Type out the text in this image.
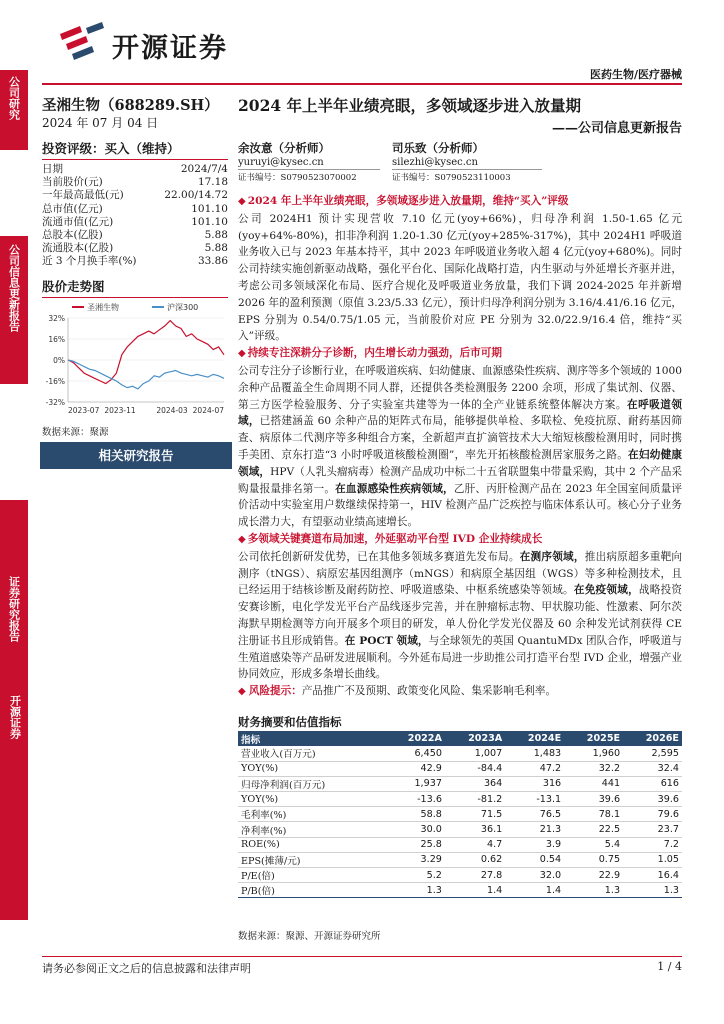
开源证券
医药生物/医疗器械
公司研究
公司信息更新报告
开源证券
证券研究报告
圣湘生物（688289.SH）
2024 年 07 月 04 日
投资评级：买入（维持）
日期	2024/7/4
当前股价(元)	17.18
一年最高最低(元)	22.00/14.72
总市值(亿元)	101.10
流通市值(亿元)	101.10
总股本(亿股)	5.88
流通股本(亿股)	5.88
近 3 个月换手率(%)	33.86
股价走势图
圣湘生物	沪深300
32%
16%
0%
-16%
-32%
2023-07 2023-11	2024-03 2024-07
数据来源：聚源
相关研究报告
2024 年上半年业绩亮眼，多领域逐步进入放量期
——公司信息更新报告
余汝意（分析师）
yuruyi@kysec.cn
证书编号：S0790523070002
司乐致（分析师）
silezhi@kysec.cn
证书编号：S0790523110003
◆ 2024 年上半年业绩亮眼，多领域逐步进入放量期，维持“买入”评级

公司 2024H1 预计实现营收 7.10 亿元(yoy+66%)，归母净利润 1.50-1.65 亿元(yoy+64%-80%)，扣非净利润 1.20-1.30 亿元(yoy+285%-317%)，其中 2024H1 呼吸道业务收入已与 2023 年基本持平，其中 2023 年呼吸道业务收入超 4 亿元(yoy+680%)。同时公司持续实施创新驱动战略，强化平台化、国际化战略打造，内生驱动与外延增长齐驱并进，考虑公司多领域深化布局、医疗合规化及呼吸道业务放量，我们下调 2024-2025 年并新增 2026 年的盈利预测（原值 3.23/5.33 亿元），预计归母净利润分别为 3.16/4.41/6.16 亿元，EPS 分别为 0.54/0.75/1.05 元，当前股价对应 PE 分别为 32.0/22.9/16.4 倍，维持“买入”评级。

◆ 持续专注深耕分子诊断，内生增长动力强劲，后市可期

公司专注分子诊断行业，在呼吸道疾病、妇幼健康、血源感染性疾病、测序等多个领域的 1000 余种产品覆盖全生命周期不同人群，还提供各类检测服务 2200 余项，形成了集试剂、仪器、第三方医学检验服务、分子实验室共建等为一体的全产业链系统整体解决方案。在呼吸道领域，已搭建涵盖 60 余种产品的矩阵式布局，能够提供单检、多联检、免疫抗原、耐药基因筛查、病原体二代测序等多种组合方案，全新超声直扩滴管技术大大缩短核酸检测用时，同时携手美团、京东打造“3 小时呼吸道核酸检测圈”，率先开拓核酸检测居家服务之路。在妇幼健康领域，HPV（人乳头瘤病毒）检测产品成功中标二十五省联盟集中带量采购，其中 2 个产品采购量报量排名第一。在血源感染性疾病领域，乙肝、丙肝检测产品在 2023 年全国室间质量评价活动中实验室用户数继续保持第一，HIV 检测产品广泛疾控与临床体系认可。核心分子业务成长潜力大，有望驱动业绩高速增长。

◆ 多领域关键赛道布局加速，外延驱动平台型 IVD 企业持续成长

公司依托创新研发优势，已在其他多领域多赛道先发布局。在测序领域，推出病原超多重靶向测序（tNGS）、病原宏基因组测序（mNGS）和病原全基因组（WGS）等多种检测技术，且已经运用于结核诊断及耐药防控、呼吸道感染、中枢系统感染等领域。在免疫领域，战略投资安赛诊断，电化学发光平台产品线逐步完善，并在肿瘤标志物、甲状腺功能、性激素、阿尔茨海默早期检测等方向开展多个项目的研发，单人份化学发光仪器及 60 余种发光试剂获得 CE 注册证书且形成销售。在 POCT 领域，与全球领先的英国 QuantuMDx 团队合作，呼吸道与生殖道感染等产品研发进展顺利。今外延布局进一步助推公司打造平台型 IVD 企业，增强产业协同效应，形成多条增长曲线。

◆ 风险提示：产品推广不及预期、政策变化风险、集采影响毛利率。

财务摘要和估值指标
指标	2022A	2023A	2024E	2025E	2026E
营业收入(百万元)	6,450	1,007	1,483	1,960	2,595
YOY(%)	42.9	-84.4	47.2	32.2	32.4
归母净利润(百万元)	1,937	364	316	441	616
YOY(%)	-13.6	-81.2	-13.1	39.6	39.6
毛利率(%)	58.8	71.5	76.5	78.1	79.6
净利率(%)	30.0	36.1	21.3	22.5	23.7
ROE(%)	25.8	4.7	3.9	5.4	7.2
EPS(摊薄/元)	3.29	0.62	0.54	0.75	1.05
P/E(倍)	5.2	27.8	32.0	22.9	16.4
P/B(倍)	1.3	1.4	1.4	1.3	1.3
数据来源：聚源、开源证券研究所
请务必参阅正文之后的信息披露和法律声明	1 / 4
